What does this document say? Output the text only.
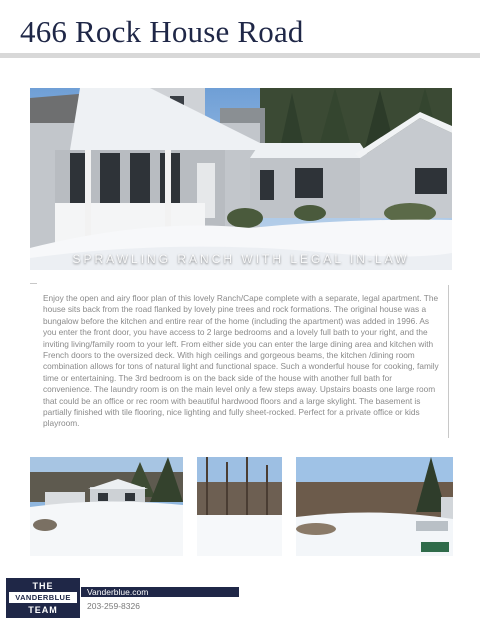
466 Rock House Road
SPRAWLING RANCH WITH LEGAL IN-LAW
Enjoy the open and airy floor plan of this lovely Ranch/Cape complete with a separate, legal apartment. The house sits back from the road flanked by lovely pine trees and rock formations. The original house was a bungalow before the kitchen and entire rear of the home (including the apartment) was added in 1996. As you enter the front door, you have access to 2 large bedrooms and a lovely full bath to your right, and the inviting living/family room to your left. From either side you can enter the large dining area and kitchen with French doors to the oversized deck. With high ceilings and gorgeous beams, the kitchen /dining room combination allows for tons of natural light and functional space. Such a wonderful house for cooking, family time or entertaining. The 3rd bedroom is on the back side of the house with another full bath for convenience. The laundry room is on the main level only a few steps away. Upstairs boasts one large room that could be an office or rec room with beautiful hardwood floors and a large skylight. The basement is partially finished with tile flooring, nice lighting and fully sheet-rocked. Perfect for a private office or kids playroom.
THE
VANDERBLUE
TEAM
Vanderblue.com
203-259-8326
